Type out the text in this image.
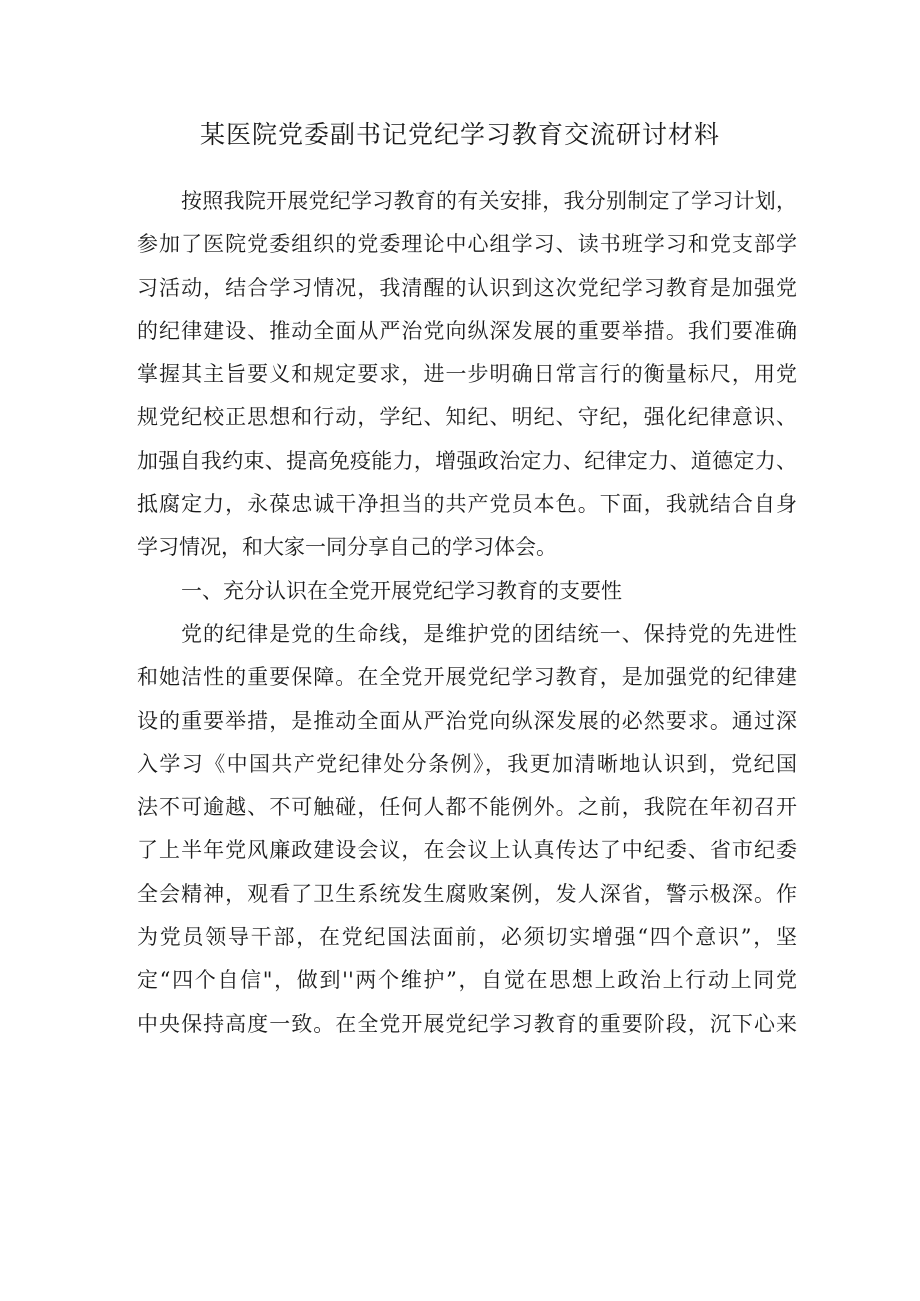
某医院党委副书记党纪学习教育交流研讨材料
按照我院开展党纪学习教育的有关安排，我分别制定了学习计划，
参加了医院党委组织的党委理论中心组学习、读书班学习和党支部学
习活动，结合学习情况，我清醒的认识到这次党纪学习教育是加强党
的纪律建设、推动全面从严治党向纵深发展的重要举措。我们要准确
掌握其主旨要义和规定要求，进一步明确日常言行的衡量标尺，用党
规党纪校正思想和行动，学纪、知纪、明纪、守纪，强化纪律意识、
加强自我约束、提高免疫能力，增强政治定力、纪律定力、道德定力、
抵腐定力，永葆忠诚干净担当的共产党员本色。下面，我就结合自身
学习情况，和大家一同分享自己的学习体会。
一、充分认识在全党开展党纪学习教育的支要性
党的纪律是党的生命线，是维护党的团结统一、保持党的先进性
和她洁性的重要保障。在全党开展党纪学习教育，是加强党的纪律建
设的重要举措，是推动全面从严治党向纵深发展的必然要求。通过深
入学习《中国共产党纪律处分条例》，我更加清晰地认识到，党纪国
法不可逾越、不可触碰，任何人都不能例外。之前，我院在年初召开
了上半年党风廉政建设会议，在会议上认真传达了中纪委、省市纪委
全会精神，观看了卫生系统发生腐败案例，发人深省，警示极深。作
为党员领导干部，在党纪国法面前，必须切实增强“四个意识”，坚
定“四个自信"，做到''两个维护”，自觉在思想上政治上行动上同党
中央保持高度一致。在全党开展党纪学习教育的重要阶段，沉下心来
